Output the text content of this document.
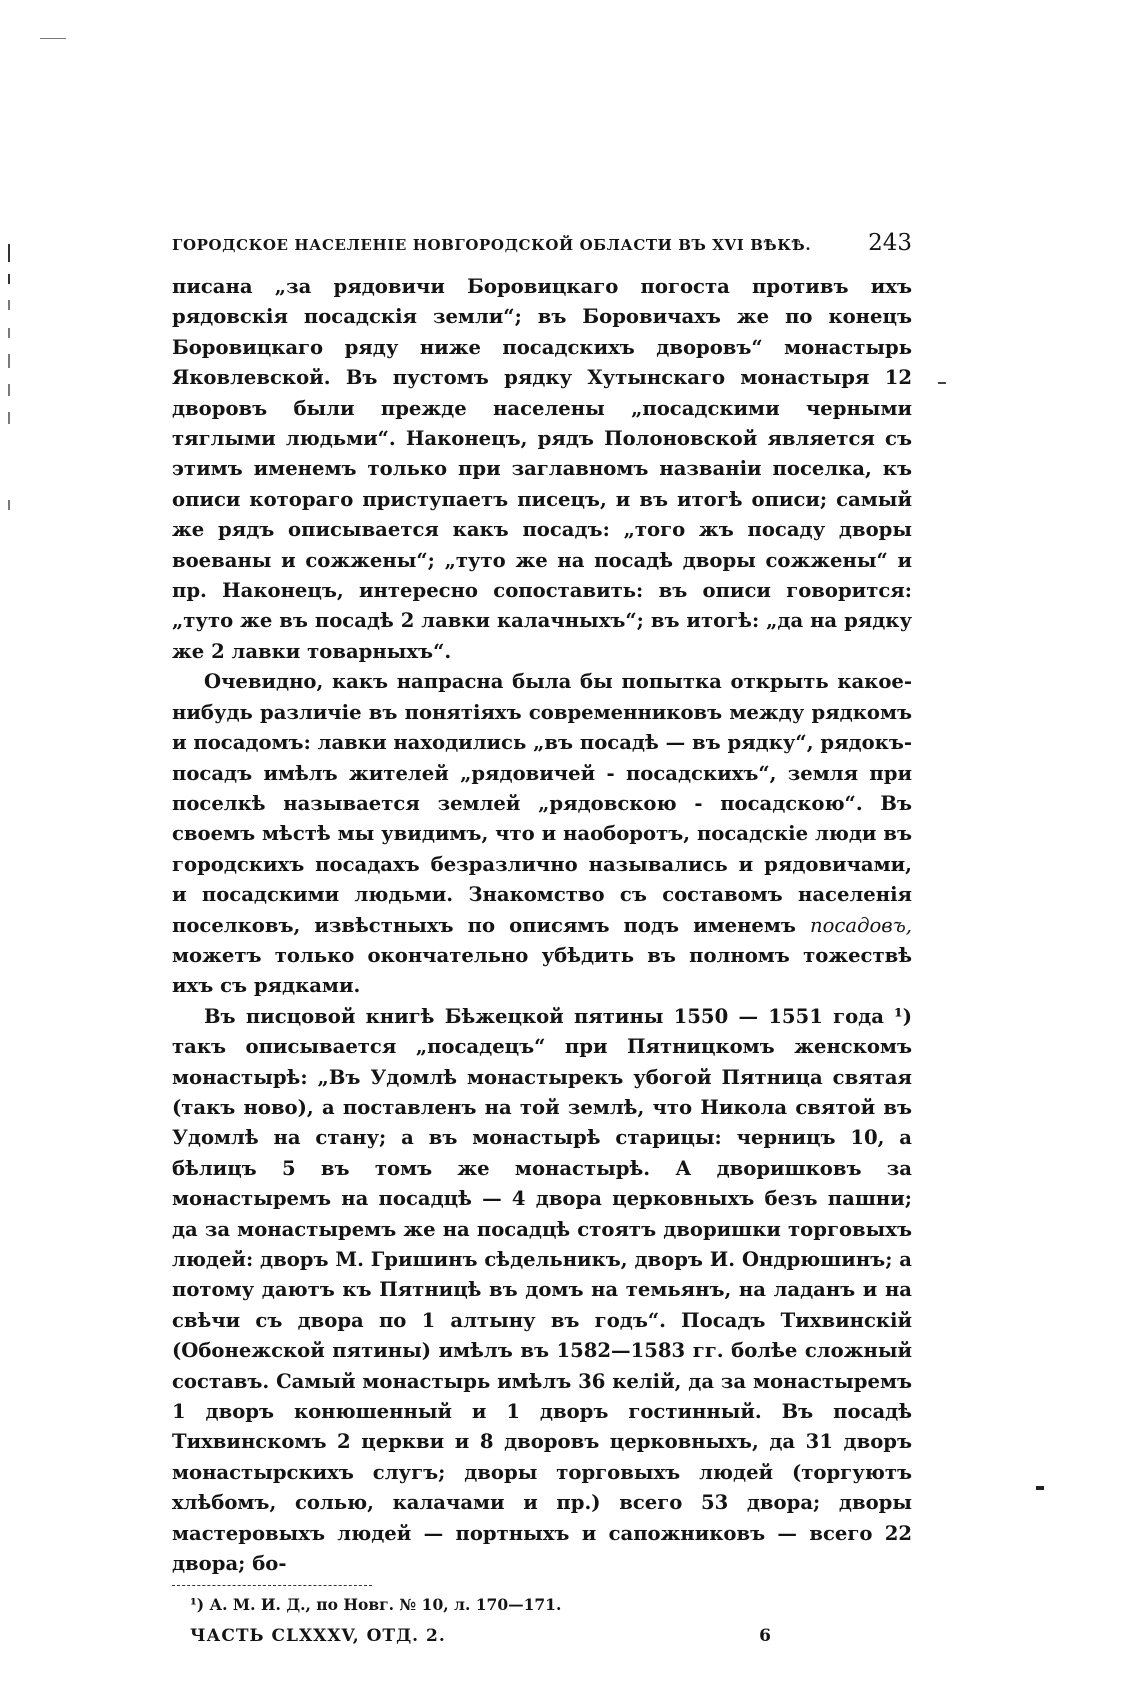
ГОРОДСКОЕ НАСЕЛЕНІЕ НОВГОРОДСКОЙ ОБЛАСТИ ВЪ XVI ВѢКѢ. 243

писана „за рядовичи Боровицкаго погоста противъ ихъ рядовскія посадскія земли“; въ Боровичахъ же по конецъ Боровицкаго ряду ниже посадскихъ дворовъ“ монастырь Яковлевской. Въ пустомъ рядку Хутынскаго монастыря 12 дворовъ были прежде населены „посадскими черными тяглыми людьми“. Наконецъ, рядъ Полоновской является съ этимъ именемъ только при заглавномъ названіи поселка, къ описи котораго приступаетъ писецъ, и въ итогѣ описи; самый же рядъ описывается какъ посадъ: „того жъ посаду дворы воеваны и сожжены“; „туто же на посадѣ дворы сожжены“ и пр. Наконецъ, интересно сопоставить: въ описи говорится: „туто же въ посадѣ 2 лавки калачныхъ“; въ итогѣ: „да на рядку же 2 лавки товарныхъ“.

Очевидно, какъ напрасна была бы попытка открыть какое-нибудь различіе въ понятіяхъ современниковъ между рядкомъ и посадомъ: лавки находились „въ посадѣ — въ рядку“, рядокъ-посадъ имѣлъ жителей „рядовичей - посадскихъ“, земля при поселкѣ называется землей „рядовскою - посадскою“. Въ своемъ мѣстѣ мы увидимъ, что и наоборотъ, посадскіе люди въ городскихъ посадахъ безразлично назывались и рядовичами, и посадскими людьми. Знакомство съ составомъ населенія поселковъ, извѣстныхъ по описямъ подъ именемъ посадовъ, можетъ только окончательно убѣдить въ полномъ тожествѣ ихъ съ рядками.

Въ писцовой книгѣ Бѣжецкой пятины 1550 — 1551 года ¹) такъ описывается „посадецъ“ при Пятницкомъ женскомъ монастырѣ: „Въ Удомлѣ монастырекъ убогой Пятница святая (такъ ново), а поставленъ на той землѣ, что Никола святой въ Удомлѣ на стану; а въ монастырѣ старицы: черницъ 10, а бѣлицъ 5 въ томъ же монастырѣ. А дворишковъ за монастыремъ на посадцѣ — 4 двора церковныхъ безъ пашни; да за монастыремъ же на посадцѣ стоятъ дворишки торговыхъ людей: дворъ М. Гришинъ сѣдельникъ, дворъ И. Ондрюшинъ; а потому даютъ къ Пятницѣ въ домъ на темьянъ, на ладанъ и на свѣчи съ двора по 1 алтыну въ годъ“. Посадъ Тихвинскій (Обонежской пятины) имѣлъ въ 1582—1583 гг. болѣе сложный составъ. Самый монастырь имѣлъ 36 келій, да за монастыремъ 1 дворъ конюшенный и 1 дворъ гостинный. Въ посадѣ Тихвинскомъ 2 церкви и 8 дворовъ церковныхъ, да 31 дворъ монастырскихъ слугъ; дворы торговыхъ людей (торгуютъ хлѣбомъ, солью, калачами и пр.) всего 53 двора; дворы мастеровыхъ людей — портныхъ и сапожниковъ — всего 22 двора; бо-

¹) А. М. И. Д., по Новг. № 10, л. 170—171.
ЧАСТЬ CLXXXV, ОТД. 2.	6
